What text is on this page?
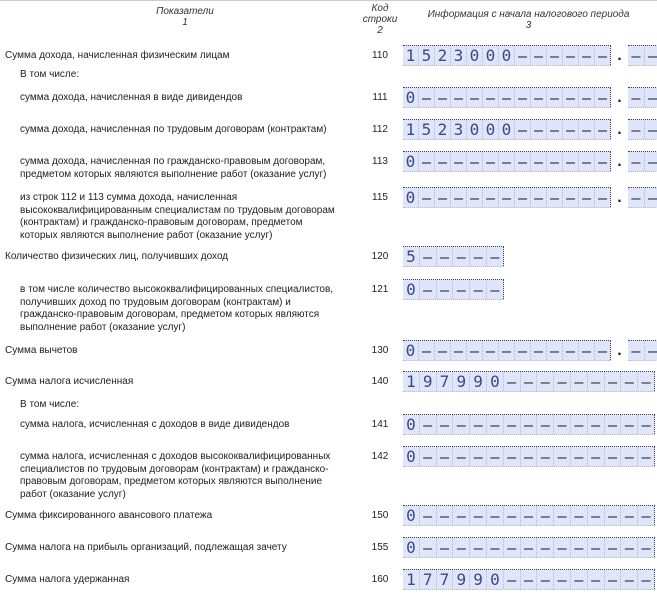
Показатели
1
Код
строки
2
Информация с начала налогового периода
3
Сумма дохода, начисленная физическим лицам	110	1 5 2 3 0 0 0 – – – – – – . – –
В том числе:
сумма дохода, начисленная в виде дивидендов	111	0 – – – – – – – – – – – – . – –
сумма дохода, начисленная по трудовым договорам (контрактам)	112	1 5 2 3 0 0 0 – – – – – – . – –
сумма дохода, начисленная по гражданско-правовым договорам, предметом которых являются выполнение работ (оказание услуг)
113	0 – – – – – – – – – – – – . – –
из строк 112 и 113 сумма дохода, начисленная высококвалифицированным специалистам по трудовым договорам (контрактам) и гражданско-правовым договорам, предметом которых являются выполнение работ (оказание услуг)
115	0 – – – – – – – – – – – – . – –
Количество физических лиц, получивших доход	120	5 – – – – –
в том числе количество высококвалифицированных специалистов, получивших доход по трудовым договорам (контрактам) и гражданско-правовым договорам, предметом которых являются выполнение работ (оказание услуг)
121	0 – – – – –
Сумма вычетов	130	0 – – – – – – – – – – – – . – –
Сумма налога исчисленная	140	1 9 7 9 9 0 – – – – – – – – –
В том числе:
сумма налога, исчисленная с доходов в виде дивидендов	141	0 – – – – – – – – – – – – – –
сумма налога, исчисленная с доходов высококвалифицированных специалистов по трудовым договорам (контрактам) и гражданско-правовым договорам, предметом которых являются выполнение работ (оказание услуг)
142	0 – – – – – – – – – – – – – –
Сумма фиксированного авансового платежа	150	0 – – – – – – – – – – – – – –
Сумма налога на прибыль организаций, подлежащая зачету	155	0 – – – – – – – – – – – – – –
Сумма налога удержанная	160	1 7 7 9 9 0 – – – – – – – – –
